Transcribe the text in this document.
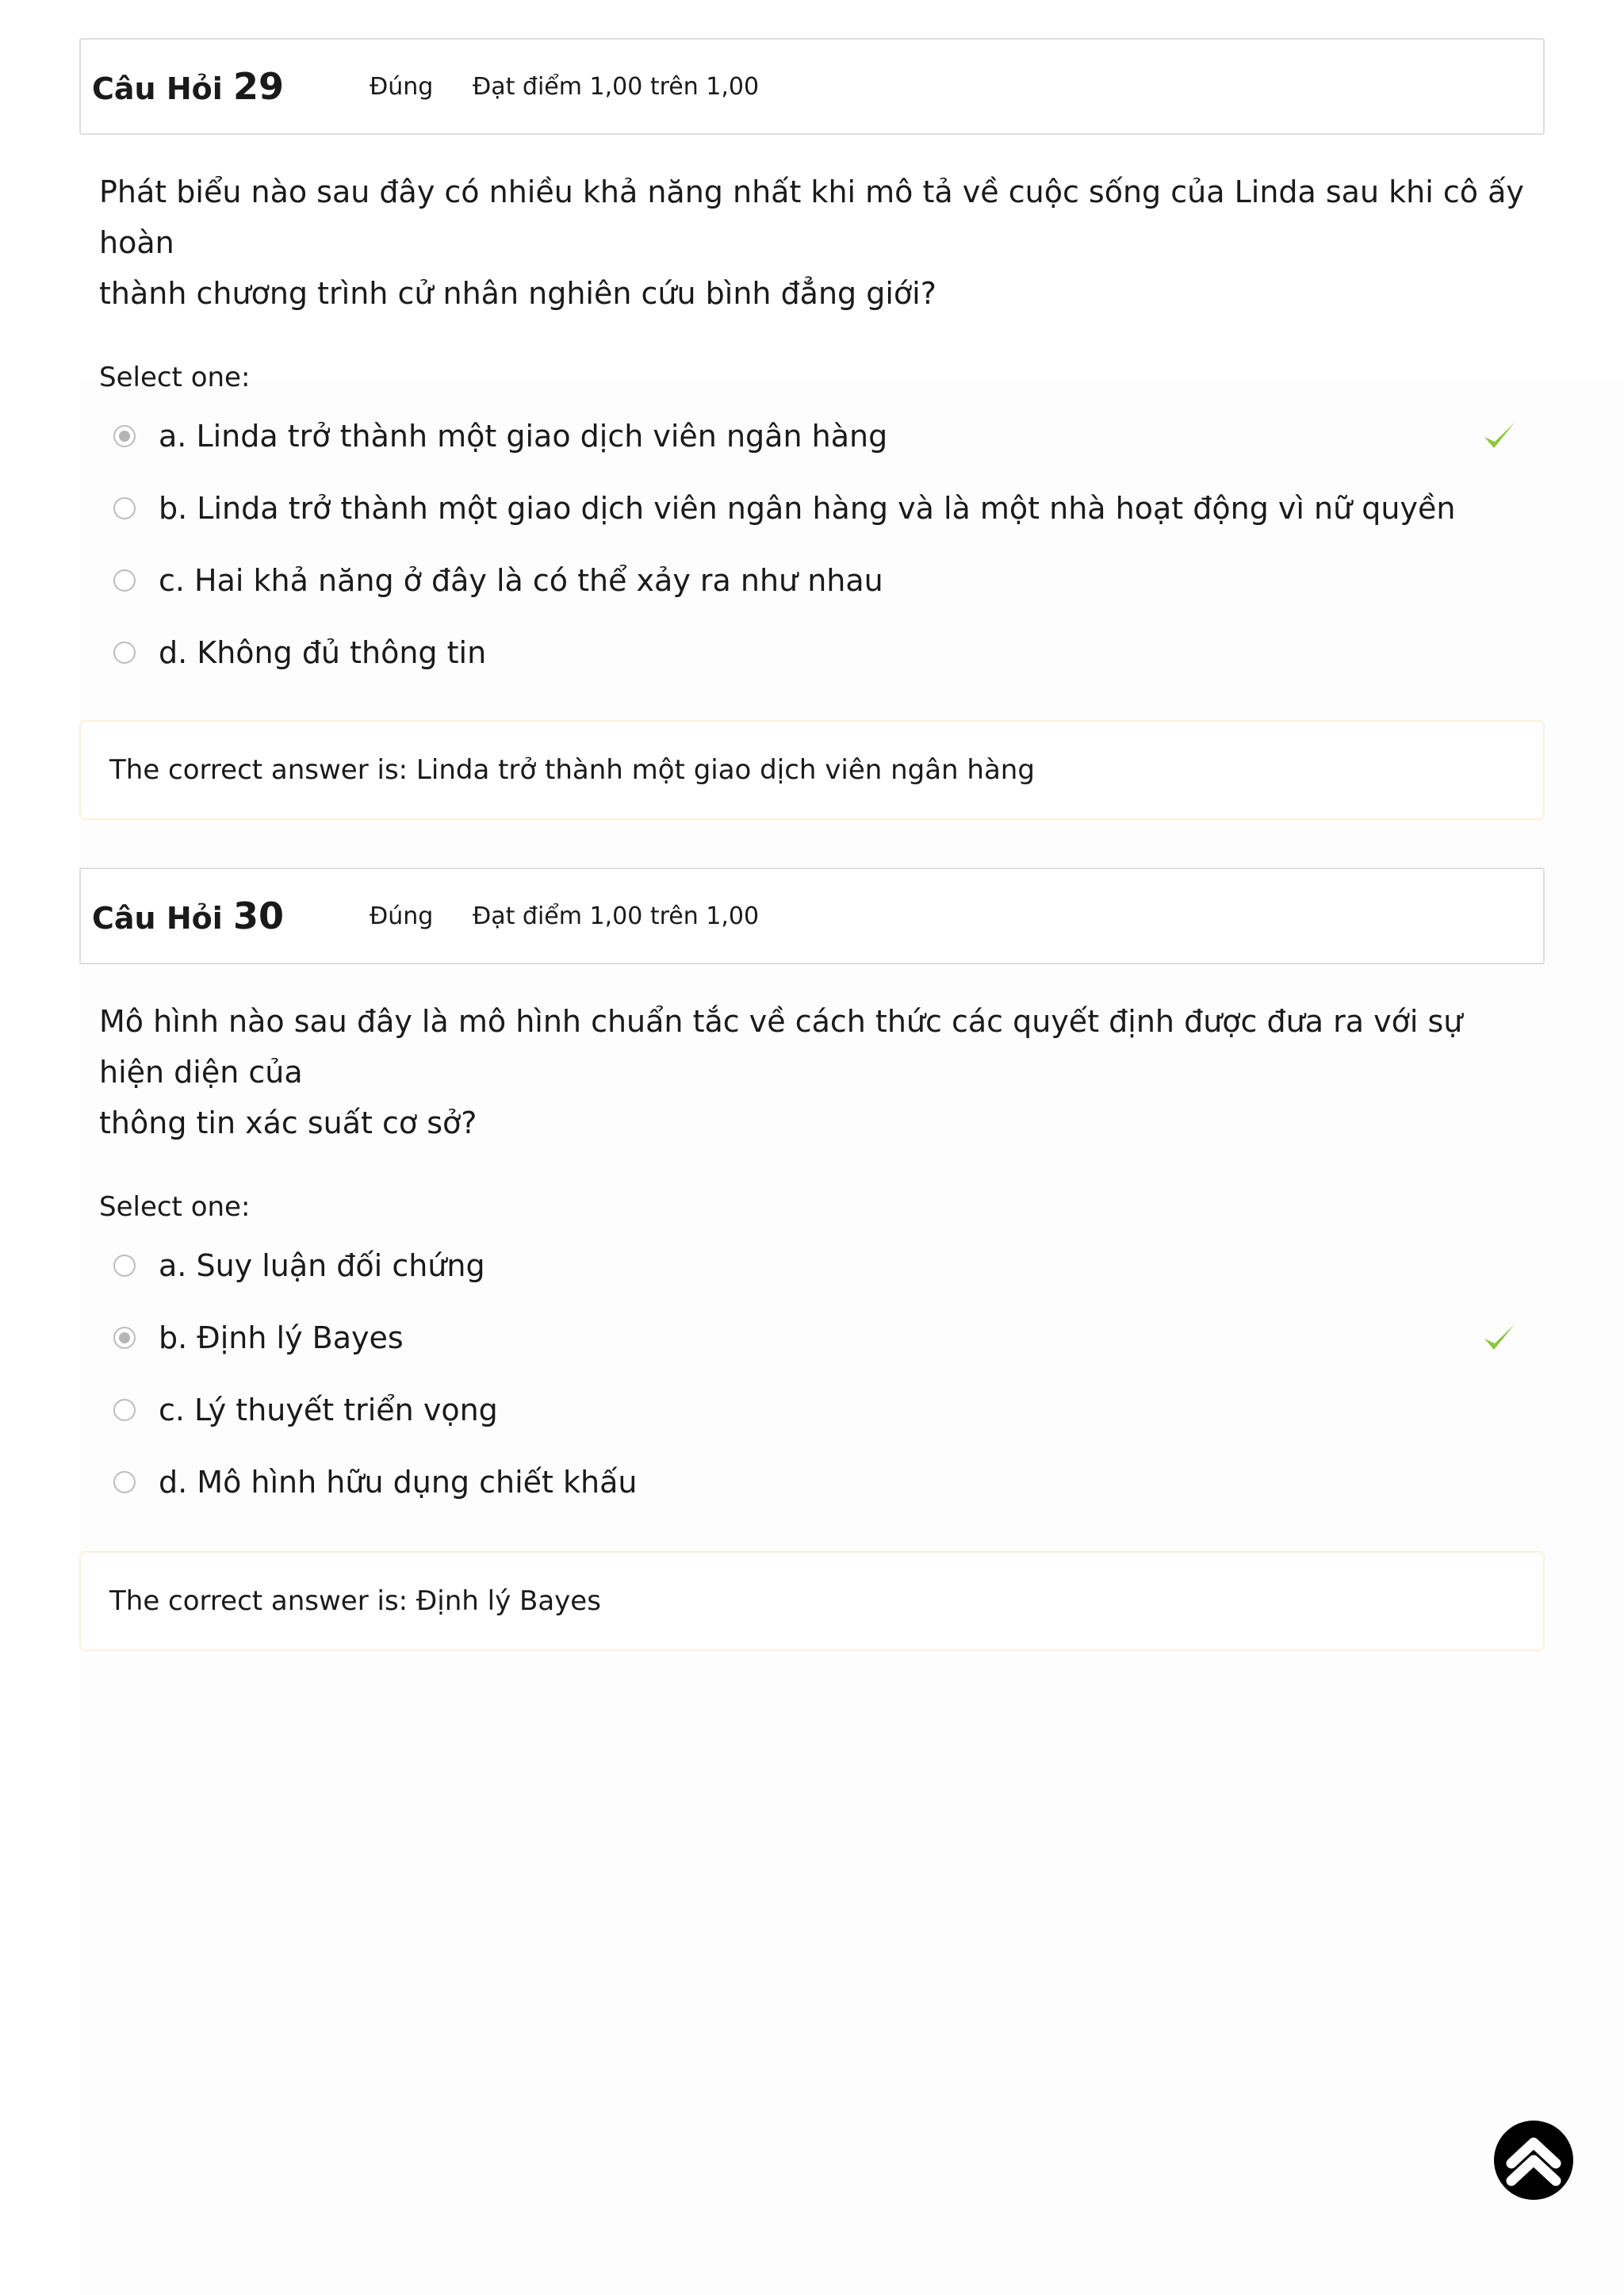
Câu Hỏi 29	Đúng	Đạt điểm 1,00 trên 1,00
Phát biểu nào sau đây có nhiều khả năng nhất khi mô tả về cuộc sống của Linda sau khi cô ấy hoàn
thành chương trình cử nhân nghiên cứu bình đẳng giới?
Select one:
a. Linda trở thành một giao dịch viên ngân hàng
b. Linda trở thành một giao dịch viên ngân hàng và là một nhà hoạt động vì nữ quyền
c. Hai khả năng ở đây là có thể xảy ra như nhau
d. Không đủ thông tin
The correct answer is: Linda trở thành một giao dịch viên ngân hàng
Câu Hỏi 30	Đúng	Đạt điểm 1,00 trên 1,00
Mô hình nào sau đây là mô hình chuẩn tắc về cách thức các quyết định được đưa ra với sự hiện diện của
thông tin xác suất cơ sở?
Select one:
a. Suy luận đối chứng
b. Định lý Bayes
c. Lý thuyết triển vọng
d. Mô hình hữu dụng chiết khấu
The correct answer is: Định lý Bayes
